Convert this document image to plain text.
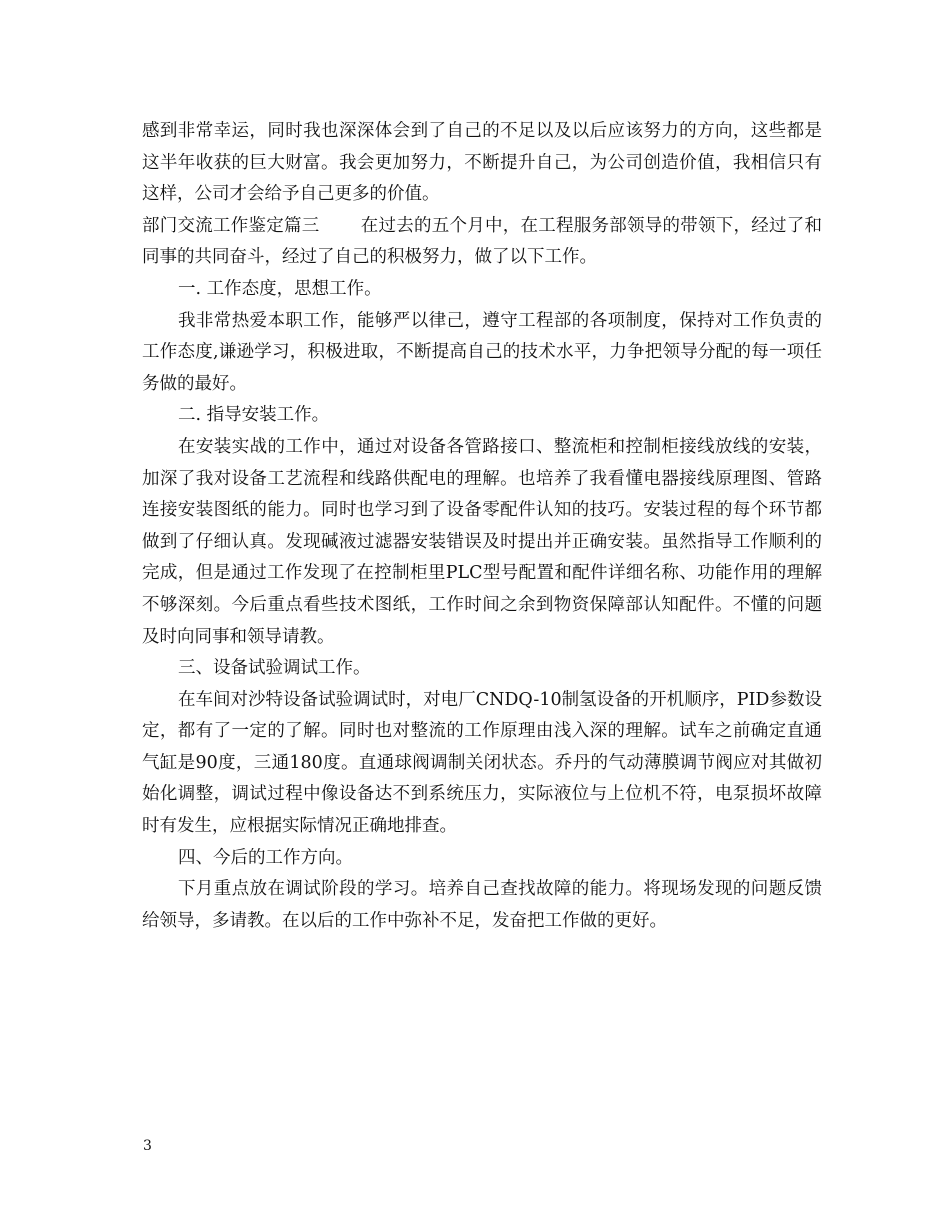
感到非常幸运，同时我也深深体会到了自己的不足以及以后应该努力的方向，这些都是这半年收获的巨大财富。我会更加努力，不断提升自己，为公司创造价值，我相信只有这样，公司才会给予自己更多的价值。

部门交流工作鉴定篇三　　 在过去的五个月中，在工程服务部领导的带领下，经过了和同事的共同奋斗，经过了自己的积极努力，做了以下工作。

一. 工作态度，思想工作。

我非常热爱本职工作，能够严以律己，遵守工程部的各项制度，保持对工作负责的工作态度,谦逊学习，积极进取，不断提高自己的技术水平，力争把领导分配的每一项任务做的最好。

二. 指导安装工作。

在安装实战的工作中，通过对设备各管路接口、整流柜和控制柜接线放线的安装，加深了我对设备工艺流程和线路供配电的理解。也培养了我看懂电器接线原理图、管路连接安装图纸的能力。同时也学习到了设备零配件认知的技巧。安装过程的每个环节都做到了仔细认真。发现碱液过滤器安装错误及时提出并正确安装。虽然指导工作顺利的完成，但是通过工作发现了在控制柜里PLC型号配置和配件详细名称、功能作用的理解不够深刻。今后重点看些技术图纸，工作时间之余到物资保障部认知配件。不懂的问题及时向同事和领导请教。

三、设备试验调试工作。

在车间对沙特设备试验调试时，对电厂CNDQ-10制氢设备的开机顺序，PID参数设定，都有了一定的了解。同时也对整流的工作原理由浅入深的理解。试车之前确定直通气缸是90度，三通180度。直通球阀调制关闭状态。乔丹的气动薄膜调节阀应对其做初始化调整，调试过程中像设备达不到系统压力，实际液位与上位机不符，电泵损坏故障时有发生，应根据实际情况正确地排查。

四、今后的工作方向。

下月重点放在调试阶段的学习。培养自己查找故障的能力。将现场发现的问题反馈给领导，多请教。在以后的工作中弥补不足，发奋把工作做的更好。

3
